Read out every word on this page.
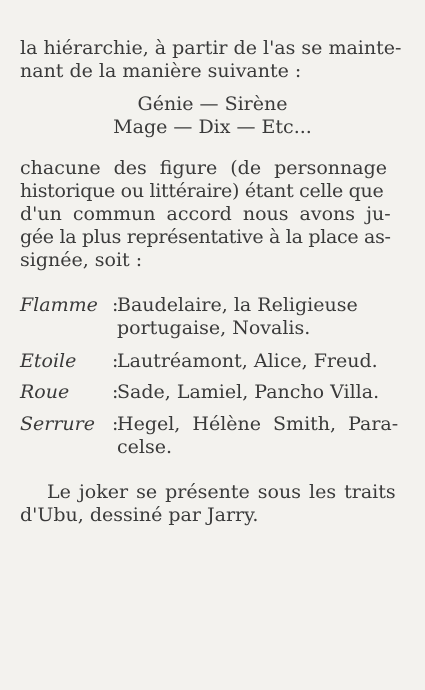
la hiérarchie, à partir de l'as se mainte-
nant de la manière suivante :
Génie — Sirène
Mage — Dix — Etc...
chacune des figure (de personnage
historique ou littéraire) étant celle que
d'un commun accord nous avons ju-
gée la plus représentative à la place as-
signée, soit :
Flamme :
Baudelaire, la Religieuse
portugaise, Novalis.
Etoile	:
Lautréamont, Alice, Freud.
Roue	:
Sade, Lamiel, Pancho Villa.
Serrure :
Hegel, Hélène Smith, Para-
celse.
Le joker se présente sous les traits
d'Ubu, dessiné par Jarry.
